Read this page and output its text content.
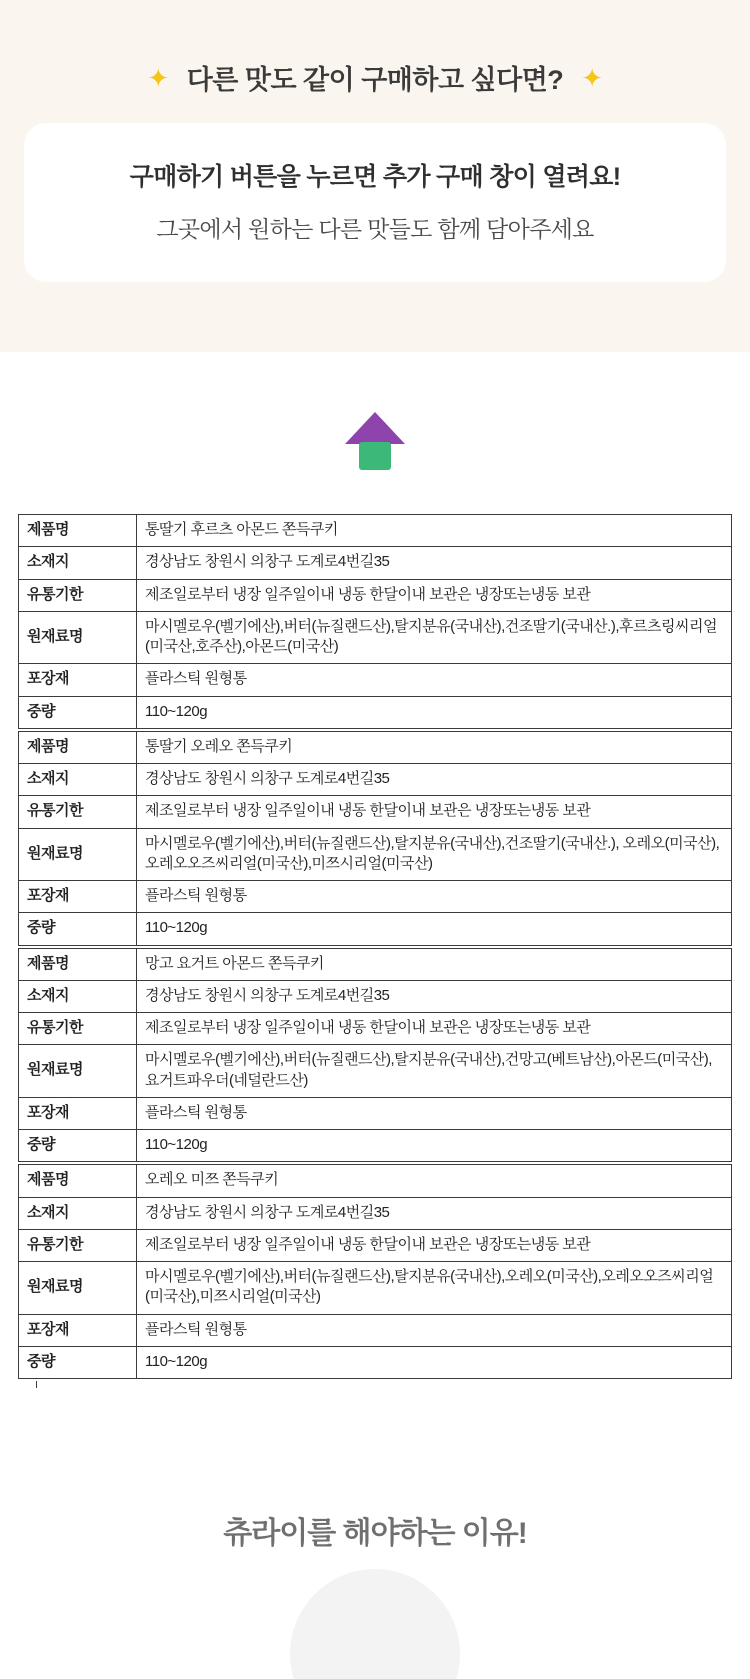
✦ 다른 맛도 같이 구매하고 싶다면? ✦
구매하기 버튼을 누르면 추가 구매 창이 열려요!
그곳에서 원하는 다른 맛들도 함께 담아주세요
제품명	통딸기 후르츠 아몬드 쫀득쿠키
소재지	경상남도 창원시 의창구 도계로4번길35
유통기한	제조일로부터 냉장 일주일이내 냉동 한달이내 보관은 냉장또는냉동 보관
원재료명	마시멜로우(벨기에산),버터(뉴질랜드산),탈지분유(국내산),건조딸기(국내산.),후르츠링씨리얼(미국산,호주산),아몬드(미국산)
포장재	플라스틱 원형통
중량	110~120g
제품명	통딸기 오레오 쫀득쿠키
소재지	경상남도 창원시 의창구 도계로4번길35
유통기한	제조일로부터 냉장 일주일이내 냉동 한달이내 보관은 냉장또는냉동 보관
원재료명	마시멜로우(벨기에산),버터(뉴질랜드산),탈지분유(국내산),건조딸기(국내산.), 오레오(미국산),오레오오즈씨리얼(미국산),미쯔시리얼(미국산)
포장재	플라스틱 원형통
중량	110~120g
제품명	망고 요거트 아몬드 쫀득쿠키
소재지	경상남도 창원시 의창구 도계로4번길35
유통기한	제조일로부터 냉장 일주일이내 냉동 한달이내 보관은 냉장또는냉동 보관
원재료명	마시멜로우(벨기에산),버터(뉴질랜드산),탈지분유(국내산),건망고(베트남산),아몬드(미국산),요거트파우더(네덜란드산)
포장재	플라스틱 원형통
중량	110~120g
제품명	오레오 미쯔 쫀득쿠키
소재지	경상남도 창원시 의창구 도계로4번길35
유통기한	제조일로부터 냉장 일주일이내 냉동 한달이내 보관은 냉장또는냉동 보관
원재료명	마시멜로우(벨기에산),버터(뉴질랜드산),탈지분유(국내산),오레오(미국산),오레오오즈씨리얼(미국산),미쯔시리얼(미국산)
포장재	플라스틱 원형통
중량	110~120g
츄라이를 해야하는 이유!
